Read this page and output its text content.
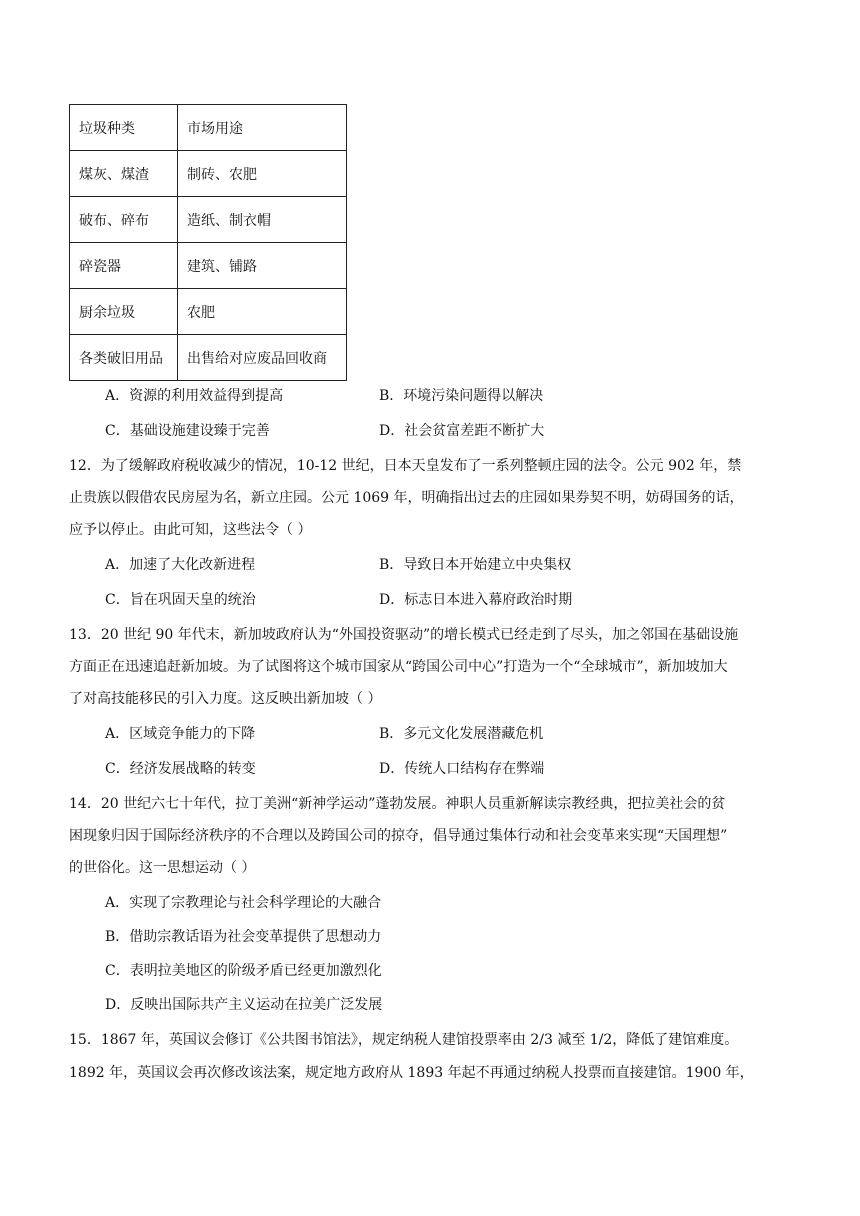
垃圾种类	市场用途
煤灰、煤渣	制砖、农肥
破布、碎布	造纸、制衣帽
碎瓷器	建筑、铺路
厨余垃圾	农肥
各类破旧用品	出售给对应废品回收商
A．资源的利用效益得到提高	B．环境污染问题得以解决
C．基础设施建设臻于完善	D．社会贫富差距不断扩大
12．为了缓解政府税收减少的情况，10-12 世纪，日本天皇发布了一系列整顿庄园的法令。公元 902 年，禁
止贵族以假借农民房屋为名，新立庄园。公元 1069 年，明确指出过去的庄园如果券契不明，妨碍国务的话，
应予以停止。由此可知，这些法令（ ）
A．加速了大化改新进程	B．导致日本开始建立中央集权
C．旨在巩固天皇的统治	D．标志日本进入幕府政治时期
13．20 世纪 90 年代末，新加坡政府认为“外国投资驱动”的增长模式已经走到了尽头，加之邻国在基础设施
方面正在迅速追赶新加坡。为了试图将这个城市国家从“跨国公司中心”打造为一个“全球城市”，新加坡加大
了对高技能移民的引入力度。这反映出新加坡（ ）
A．区域竞争能力的下降	B．多元文化发展潜藏危机
C．经济发展战略的转变	D．传统人口结构存在弊端
14．20 世纪六七十年代，拉丁美洲“新神学运动”蓬勃发展。神职人员重新解读宗教经典，把拉美社会的贫
困现象归因于国际经济秩序的不合理以及跨国公司的掠夺，倡导通过集体行动和社会变革来实现“天国理想”
的世俗化。这一思想运动（ ）
A．实现了宗教理论与社会科学理论的大融合
B．借助宗教话语为社会变革提供了思想动力
C．表明拉美地区的阶级矛盾已经更加激烈化
D．反映出国际共产主义运动在拉美广泛发展
15．1867 年，英国议会修订《公共图书馆法》，规定纳税人建馆投票率由 2/3 减至 1/2，降低了建馆难度。
1892 年，英国议会再次修改该法案，规定地方政府从 1893 年起不再通过纳税人投票而直接建馆。1900 年，
